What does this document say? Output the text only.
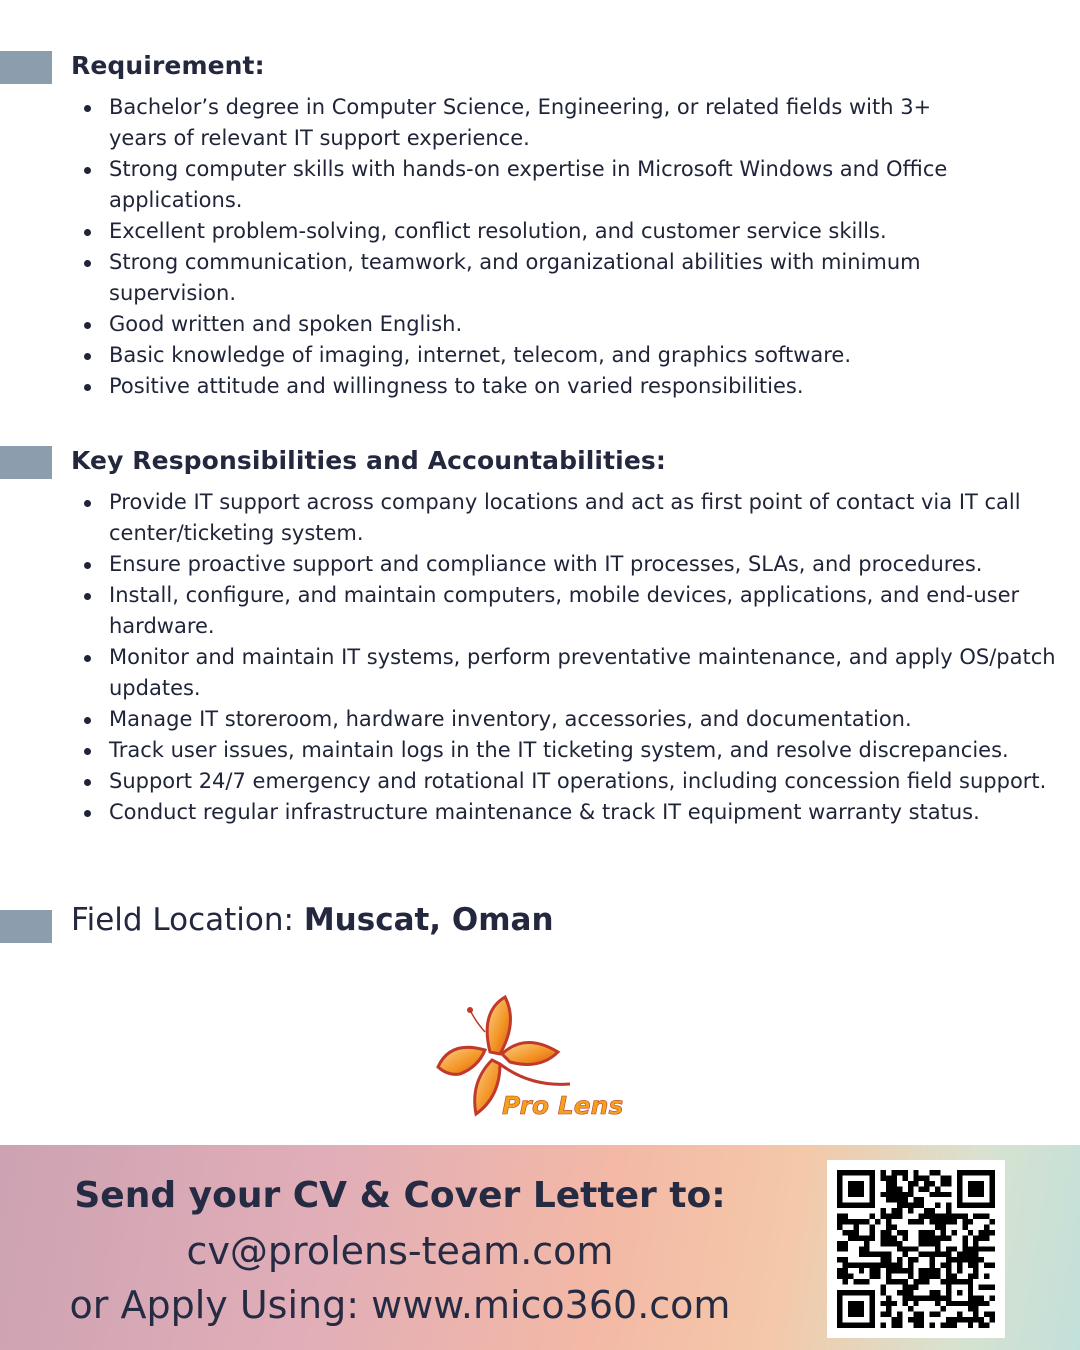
Requirement:
Bachelor’s degree in Computer Science, Engineering, or related fields with 3+ years of relevant IT support experience.
Strong computer skills with hands-on expertise in Microsoft Windows and Office applications.
Excellent problem-solving, conflict resolution, and customer service skills.
Strong communication, teamwork, and organizational abilities with minimum supervision.
Good written and spoken English.
Basic knowledge of imaging, internet, telecom, and graphics software.
Positive attitude and willingness to take on varied responsibilities.
Key Responsibilities and Accountabilities:
Provide IT support across company locations and act as first point of contact via IT call center/ticketing system.
Ensure proactive support and compliance with IT processes, SLAs, and procedures.
Install, configure, and maintain computers, mobile devices, applications, and end-user hardware.
Monitor and maintain IT systems, perform preventative maintenance, and apply OS/patch updates.
Manage IT storeroom, hardware inventory, accessories, and documentation.
Track user issues, maintain logs in the IT ticketing system, and resolve discrepancies.
Support 24/7 emergency and rotational IT operations, including concession field support.
Conduct regular infrastructure maintenance & track IT equipment warranty status.
Field Location: Muscat, Oman
Pro Lens
Send your CV & Cover Letter to:
cv@prolens-team.com
or Apply Using: www.mico360.com
